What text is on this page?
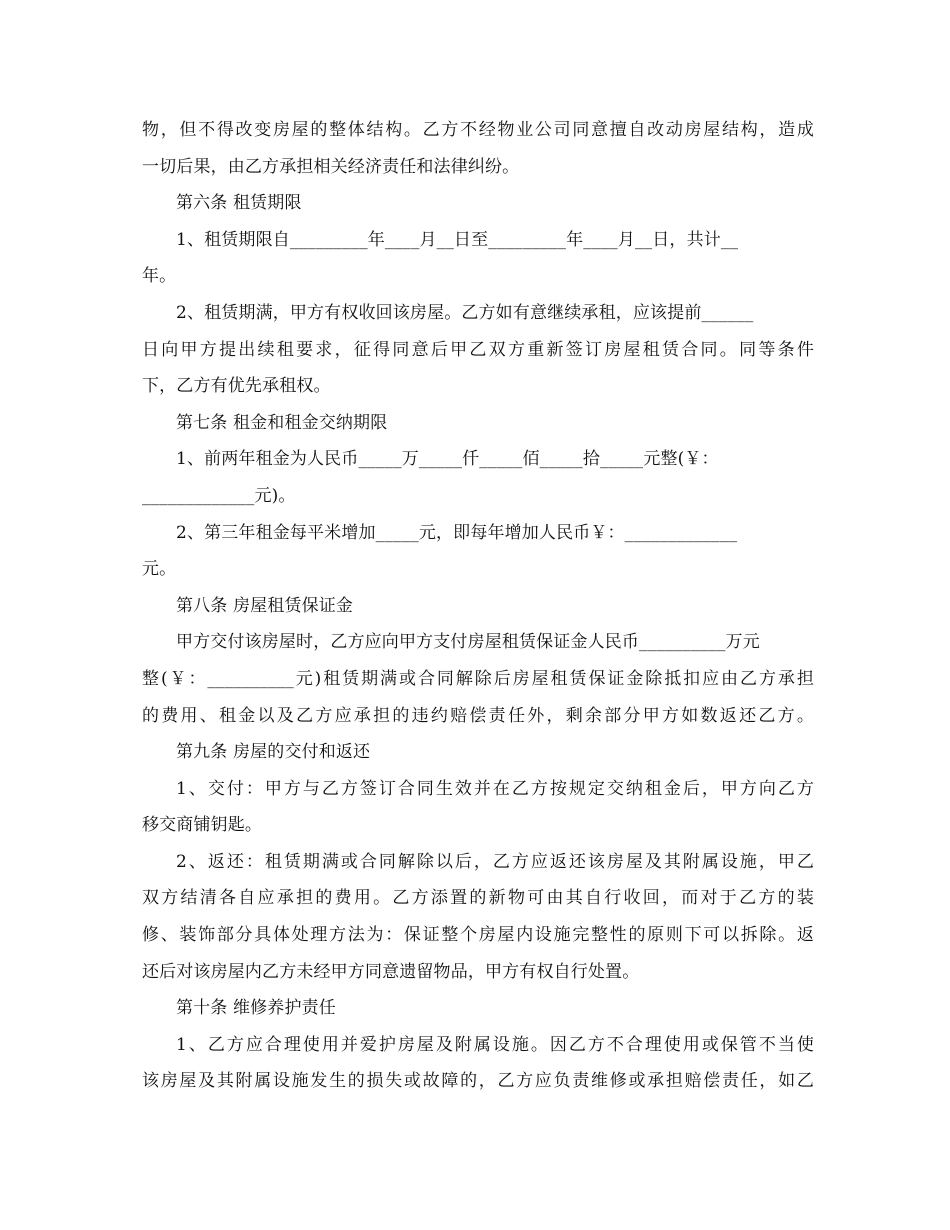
物，但不得改变房屋的整体结构。乙方不经物业公司同意擅自改动房屋结构，造成
一切后果，由乙方承担相关经济责任和法律纠纷。
第六条 租赁期限
1、租赁期限自_________年____月__日至_________年____月__日，共计__
年。
2、租赁期满，甲方有权收回该房屋。乙方如有意继续承租，应该提前______
日向甲方提出续租要求，征得同意后甲乙双方重新签订房屋租赁合同。同等条件
下，乙方有优先承租权。
第七条 租金和租金交纳期限
1、前两年租金为人民币_____万_____仟_____佰_____拾_____元整(￥：
_____________元)。
2、第三年租金每平米增加_____元，即每年增加人民币￥：_____________
元。
第八条 房屋租赁保证金
甲方交付该房屋时，乙方应向甲方支付房屋租赁保证金人民币__________万元
整(￥：__________元)租赁期满或合同解除后房屋租赁保证金除抵扣应由乙方承担
的费用、租金以及乙方应承担的违约赔偿责任外，剩余部分甲方如数返还乙方。
第九条 房屋的交付和返还
1、交付：甲方与乙方签订合同生效并在乙方按规定交纳租金后，甲方向乙方
移交商铺钥匙。
2、返还：租赁期满或合同解除以后，乙方应返还该房屋及其附属设施，甲乙
双方结清各自应承担的费用。乙方添置的新物可由其自行收回，而对于乙方的装
修、装饰部分具体处理方法为：保证整个房屋内设施完整性的原则下可以拆除。返
还后对该房屋内乙方未经甲方同意遗留物品，甲方有权自行处置。
第十条 维修养护责任
1、乙方应合理使用并爱护房屋及附属设施。因乙方不合理使用或保管不当使
该房屋及其附属设施发生的损失或故障的，乙方应负责维修或承担赔偿责任，如乙
